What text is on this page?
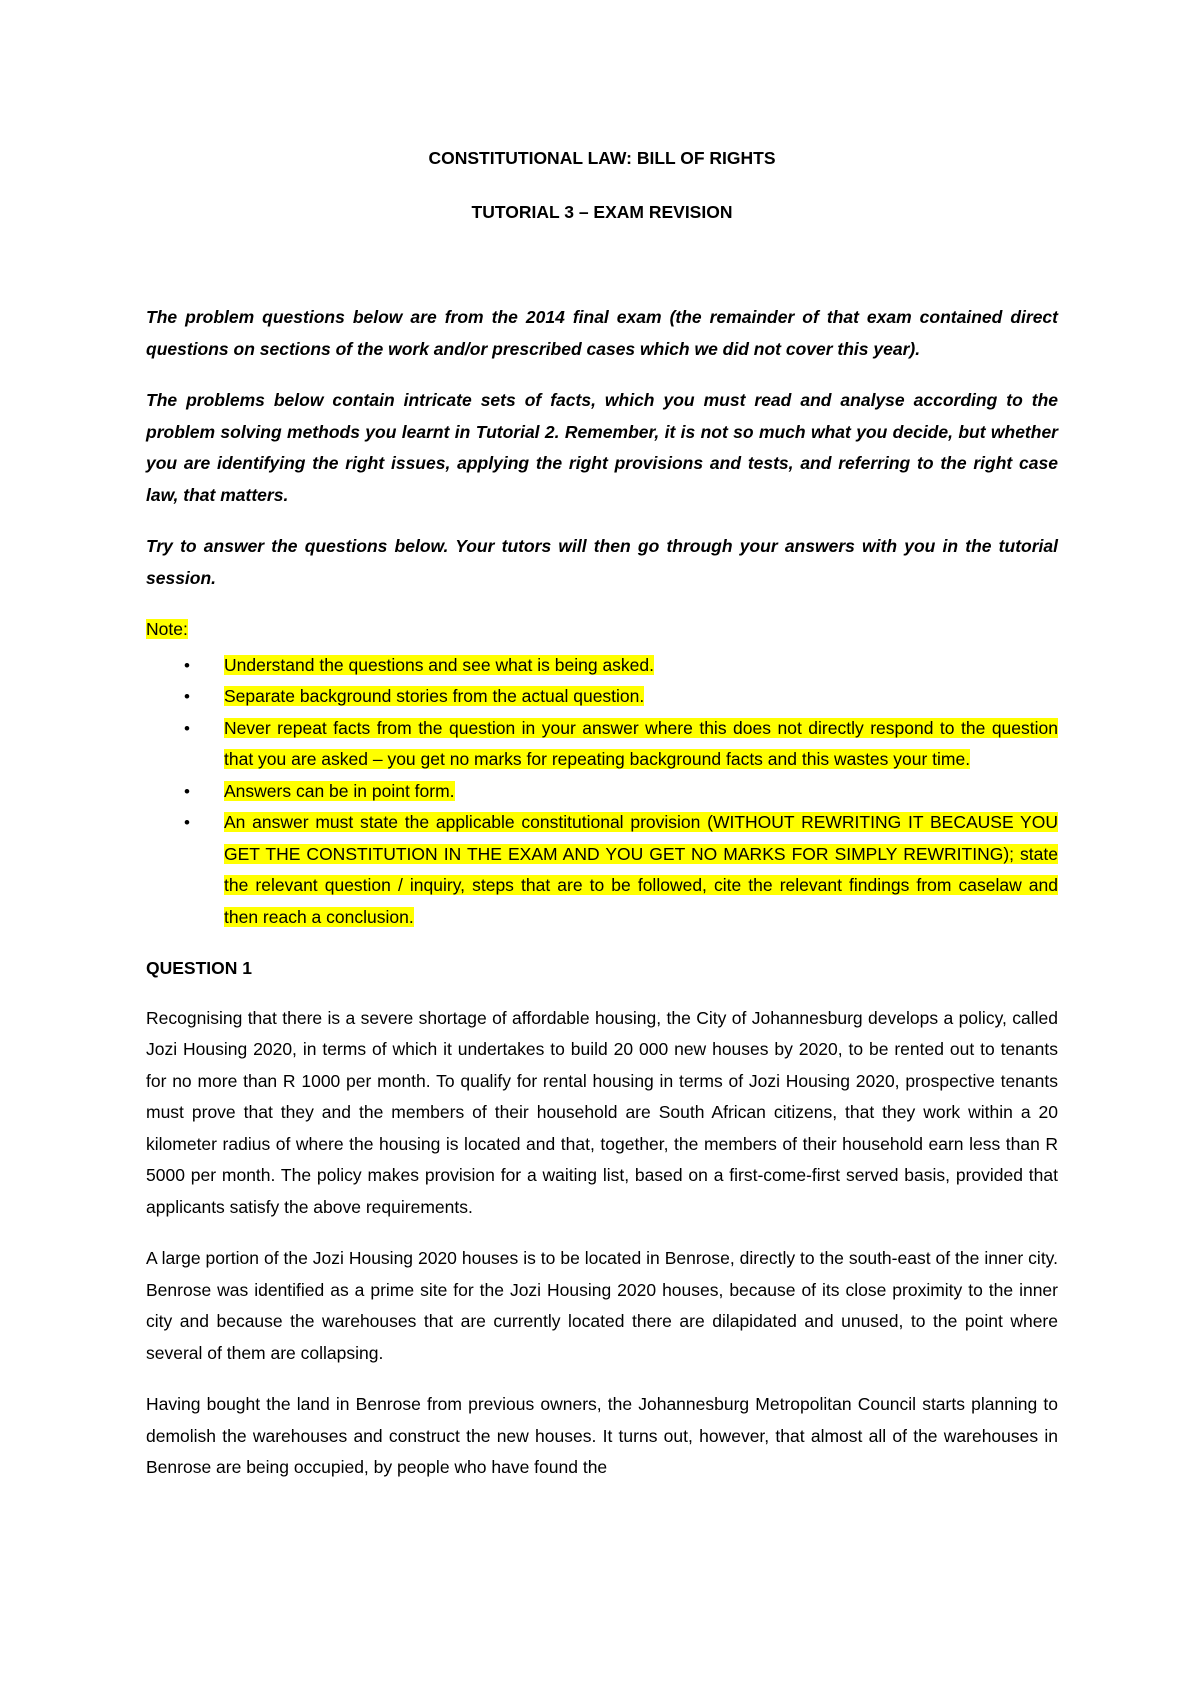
CONSTITUTIONAL LAW: BILL OF RIGHTS
TUTORIAL 3 – EXAM REVISION

The problem questions below are from the 2014 final exam (the remainder of that exam contained direct questions on sections of the work and/or prescribed cases which we did not cover this year).

The problems below contain intricate sets of facts, which you must read and analyse according to the problem solving methods you learnt in Tutorial 2. Remember, it is not so much what you decide, but whether you are identifying the right issues, applying the right provisions and tests, and referring to the right case law, that matters.

Try to answer the questions below. Your tutors will then go through your answers with you in the tutorial session.

Note:

• Understand the questions and see what is being asked.
• Separate background stories from the actual question.
• Never repeat facts from the question in your answer where this does not directly respond to the question that you are asked – you get no marks for repeating background facts and this wastes your time.
• Answers can be in point form.
• An answer must state the applicable constitutional provision (WITHOUT REWRITING IT BECAUSE YOU GET THE CONSTITUTION IN THE EXAM AND YOU GET NO MARKS FOR SIMPLY REWRITING); state the relevant question / inquiry, steps that are to be followed, cite the relevant findings from caselaw and then reach a conclusion.

QUESTION 1

Recognising that there is a severe shortage of affordable housing, the City of Johannesburg develops a policy, called Jozi Housing 2020, in terms of which it undertakes to build 20 000 new houses by 2020, to be rented out to tenants for no more than R 1000 per month. To qualify for rental housing in terms of Jozi Housing 2020, prospective tenants must prove that they and the members of their household are South African citizens, that they work within a 20 kilometer radius of where the housing is located and that, together, the members of their household earn less than R 5000 per month. The policy makes provision for a waiting list, based on a first-come-first served basis, provided that applicants satisfy the above requirements.

A large portion of the Jozi Housing 2020 houses is to be located in Benrose, directly to the south-east of the inner city. Benrose was identified as a prime site for the Jozi Housing 2020 houses, because of its close proximity to the inner city and because the warehouses that are currently located there are dilapidated and unused, to the point where several of them are collapsing.

Having bought the land in Benrose from previous owners, the Johannesburg Metropolitan Council starts planning to demolish the warehouses and construct the new houses. It turns out, however, that almost all of the warehouses in Benrose are being occupied, by people who have found the
